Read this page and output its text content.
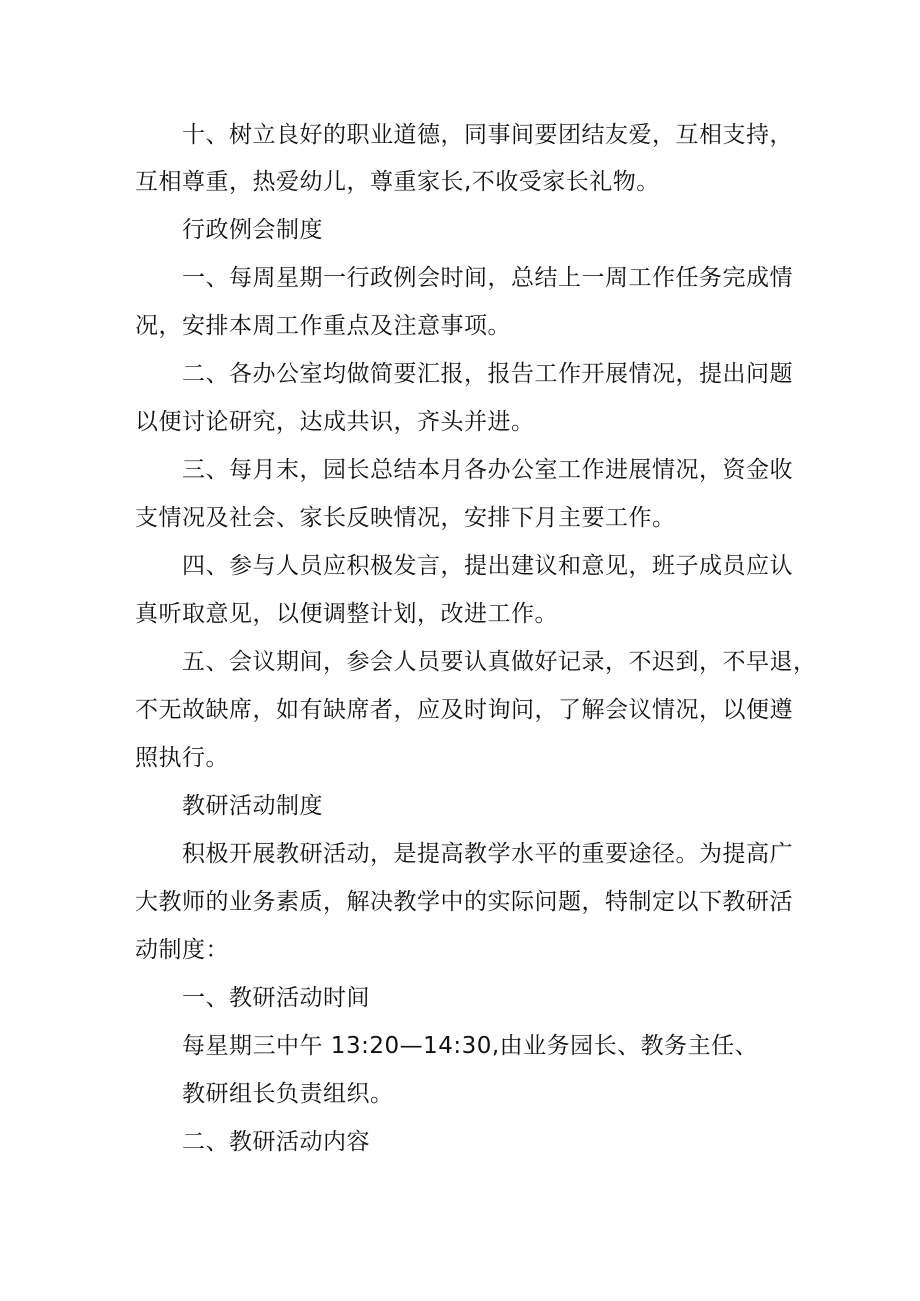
十、树立良好的职业道德，同事间要团结友爱，互相支持，
互相尊重，热爱幼儿，尊重家长,不收受家长礼物。
行政例会制度
一、每周星期一行政例会时间，总结上一周工作任务完成情
况，安排本周工作重点及注意事项。
二、各办公室均做简要汇报，报告工作开展情况，提出问题
以便讨论研究，达成共识，齐头并进。
三、每月末，园长总结本月各办公室工作进展情况，资金收
支情况及社会、家长反映情况，安排下月主要工作。
四、参与人员应积极发言，提出建议和意见，班子成员应认
真听取意见，以便调整计划，改进工作。
五、会议期间，参会人员要认真做好记录，不迟到，不早退，
不无故缺席，如有缺席者，应及时询问，了解会议情况，以便遵
照执行。
教研活动制度
积极开展教研活动，是提高教学水平的重要途径。为提高广
大教师的业务素质，解决教学中的实际问题，特制定以下教研活
动制度：
一、教研活动时间
每星期三中午 13:20—14:30,由业务园长、教务主任、
教研组长负责组织。
二、教研活动内容
